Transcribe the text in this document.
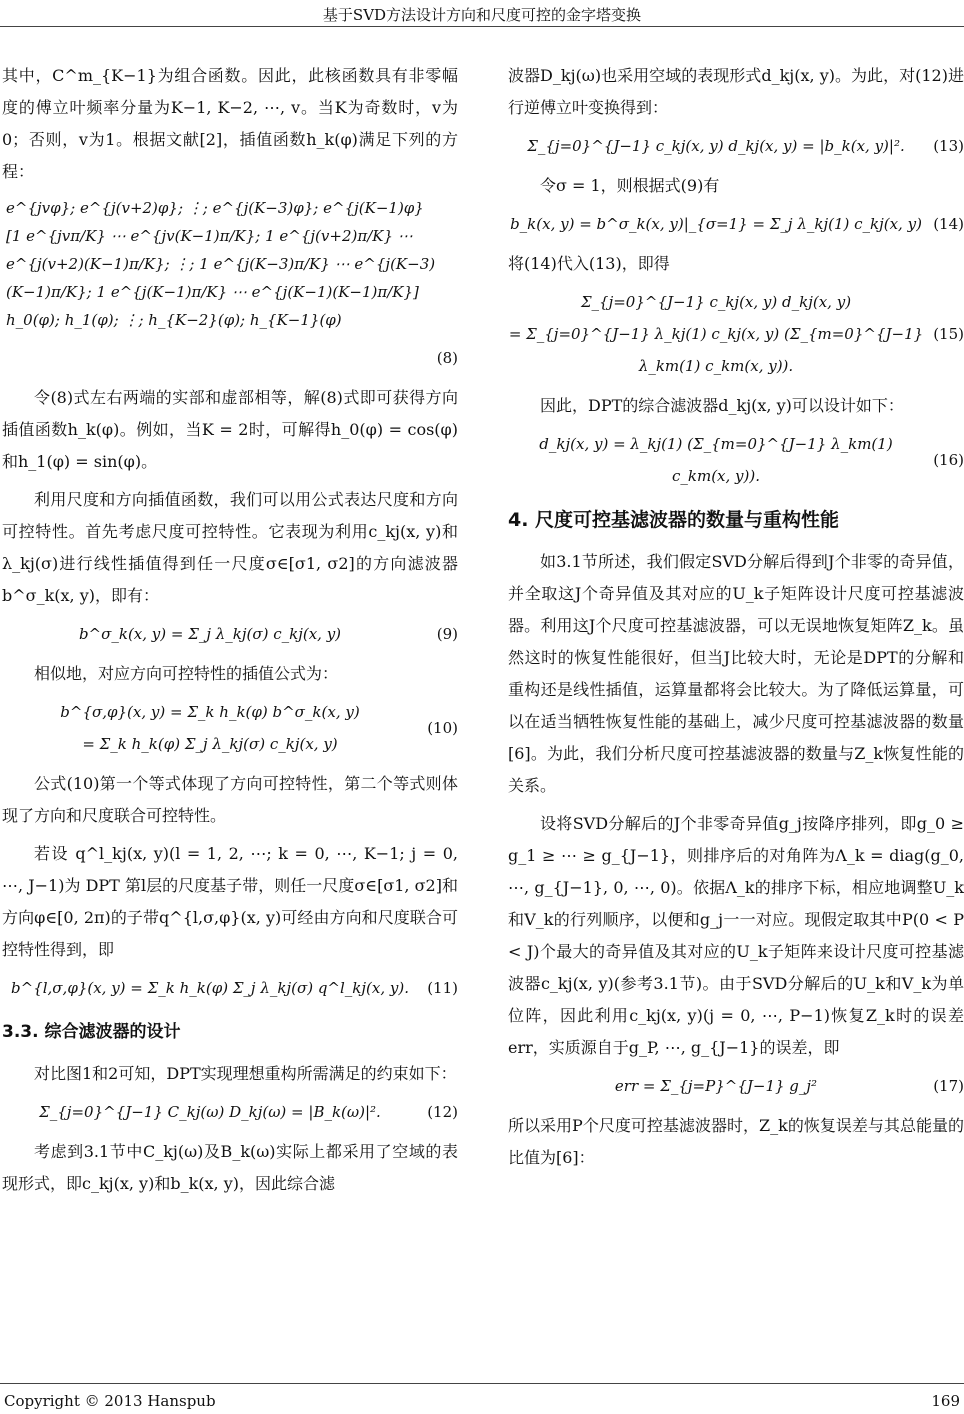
基于SVD方法设计方向和尺度可控的金字塔变换

其中，C^m_{K−1}为组合函数。因此，此核函数具有非零幅度的傅立叶频率分量为K−1, K−2, ⋯, v。当K为奇数时，v为0；否则，v为1。根据文献[2]，插值函数h_k(φ)满足下列的方程：

e^{jvφ}; e^{j(v+2)φ}; ⋮; e^{j(K−3)φ}; e^{j(K−1)φ}
[1 e^{jvπ/K} ⋯ e^{jv(K−1)π/K}; 1 e^{j(v+2)π/K} ⋯ e^{j(v+2)(K−1)π/K}; ⋮; 1 e^{j(K−3)π/K} ⋯ e^{j(K−3)(K−1)π/K}; 1 e^{j(K−1)π/K} ⋯ e^{j(K−1)(K−1)π/K}]
h_0(φ); h_1(φ); ⋮; h_{K−2}(φ); h_{K−1}(φ)
(8)

令(8)式左右两端的实部和虚部相等，解(8)式即可获得方向插值函数h_k(φ)。例如，当K = 2时，可解得h_0(φ) = cos(φ)和h_1(φ) = sin(φ)。

利用尺度和方向插值函数，我们可以用公式表达尺度和方向可控特性。首先考虑尺度可控特性。它表现为利用c_kj(x, y)和λ_kj(σ)进行线性插值得到任一尺度σ∈[σ1, σ2]的方向滤波器b^σ_k(x, y)，即有：

b^σ_k(x, y) = Σ_j λ_kj(σ) c_kj(x, y)	(9)

相似地，对应方向可控特性的插值公式为：

b^{σ,φ}(x, y) = Σ_k h_k(φ) b^σ_k(x, y)
= Σ_k h_k(φ) Σ_j λ_kj(σ) c_kj(x, y)
(10)

公式(10)第一个等式体现了方向可控特性，第二个等式则体现了方向和尺度联合可控特性。

若设 q^l_kj(x, y)(l = 1, 2, ⋯; k = 0, ⋯, K−1; j = 0, ⋯, J−1)为 DPT 第l层的尺度基子带，则任一尺度σ∈[σ1, σ2]和方向φ∈[0, 2π)的子带q^{l,σ,φ}(x, y)可经由方向和尺度联合可控特性得到，即

b^{l,σ,φ}(x, y) = Σ_k h_k(φ) Σ_j λ_kj(σ) q^l_kj(x, y).	(11)
3.3. 综合滤波器的设计

对比图1和2可知，DPT实现理想重构所需满足的约束如下：

Σ_{j=0}^{J−1} C_kj(ω) D_kj(ω) = |B_k(ω)|².	(12)

考虑到3.1节中C_kj(ω)及B_k(ω)实际上都采用了空域的表现形式，即c_kj(x, y)和b_k(x, y)，因此综合滤

波器D_kj(ω)也采用空域的表现形式d_kj(x, y)。为此，对(12)进行逆傅立叶变换得到：

Σ_{j=0}^{J−1} c_kj(x, y) d_kj(x, y) = |b_k(x, y)|².	(13)

令σ = 1，则根据式(9)有

b_k(x, y) = b^σ_k(x, y)|_{σ=1} = Σ_j λ_kj(1) c_kj(x, y) (14)

将(14)代入(13)，即得

Σ_{j=0}^{J−1} c_kj(x, y) d_kj(x, y)
= Σ_{j=0}^{J−1} λ_kj(1) c_kj(x, y) (Σ_{m=0}^{J−1} λ_km(1) c_km(x, y)).
(15)

因此，DPT的综合滤波器d_kj(x, y)可以设计如下：

d_kj(x, y) = λ_kj(1) (Σ_{m=0}^{J−1} λ_km(1) c_km(x, y)).
(16)
4. 尺度可控基滤波器的数量与重构性能

如3.1节所述，我们假定SVD分解后得到J个非零的奇异值，并全取这J个奇异值及其对应的U_k子矩阵设计尺度可控基滤波器。利用这J个尺度可控基滤波器，可以无误地恢复矩阵Z_k。虽然这时的恢复性能很好，但当J比较大时，无论是DPT的分解和重构还是线性插值，运算量都将会比较大。为了降低运算量，可以在适当牺牲恢复性能的基础上，减少尺度可控基滤波器的数量[6]。为此，我们分析尺度可控基滤波器的数量与Z_k恢复性能的关系。

设将SVD分解后的J个非零奇异值g_j按降序排列，即g_0 ≥ g_1 ≥ ⋯ ≥ g_{J−1}，则排序后的对角阵为Λ_k = diag(g_0, ⋯, g_{J−1}, 0, ⋯, 0)。依据Λ_k的排序下标，相应地调整U_k和V_k的行列顺序，以便和g_j一一对应。现假定取其中P(0 < P < J)个最大的奇异值及其对应的U_k子矩阵来设计尺度可控基滤波器c_kj(x, y)(参考3.1节)。由于SVD分解后的U_k和V_k为单位阵，因此利用c_kj(x, y)(j = 0, ⋯, P−1)恢复Z_k时的误差err，实质源自于g_P, ⋯, g_{J−1}的误差，即

err = Σ_{j=P}^{J−1} g_j²	(17)

所以采用P个尺度可控基滤波器时，Z_k的恢复误差与其总能量的比值为[6]：

Copyright © 2013 Hanspub	169
